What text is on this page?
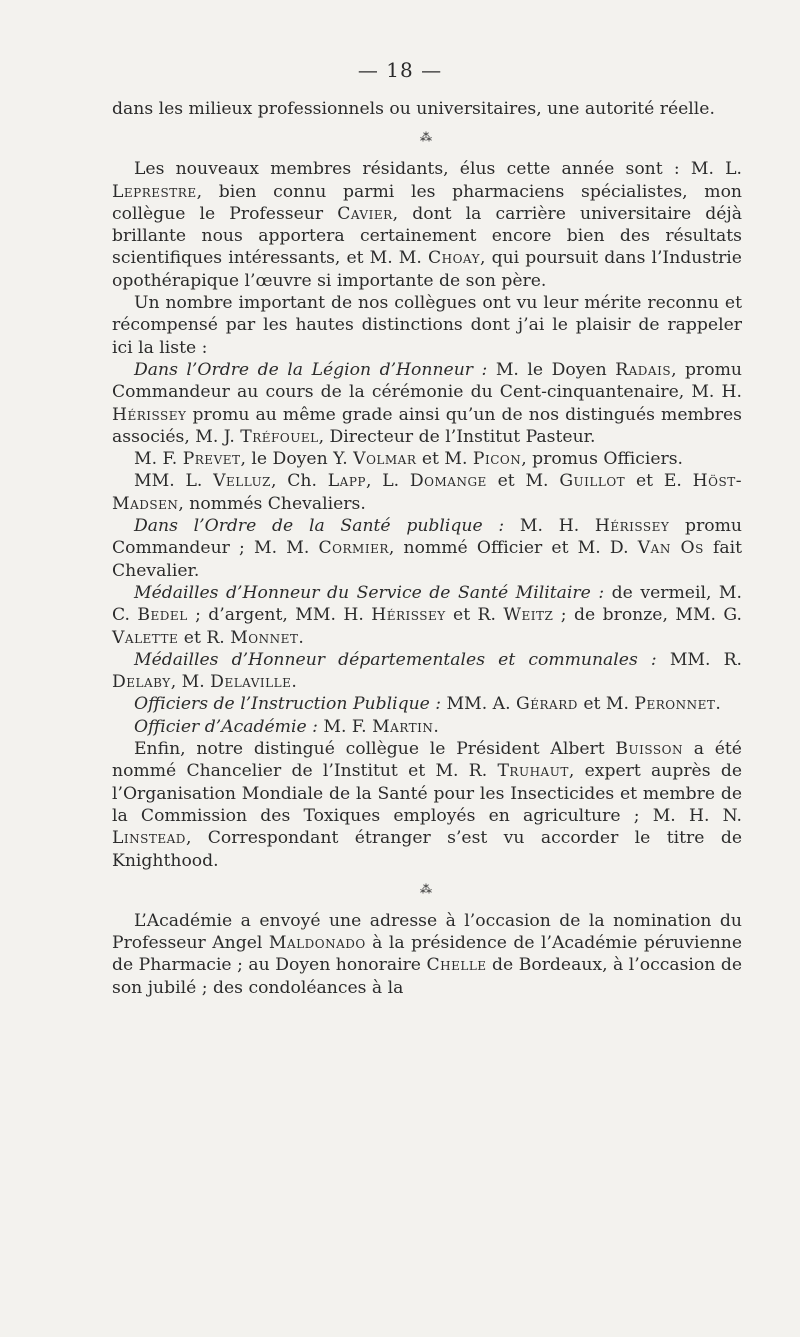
— 18 —

dans les milieux professionnels ou universitaires, une autorité réelle.

⁂

Les nouveaux membres résidants, élus cette année sont : M. L. Leprestre, bien connu parmi les pharmaciens spécialistes, mon collègue le Professeur Cavier, dont la carrière universitaire déjà brillante nous apportera certainement encore bien des résultats scientifiques intéressants, et M. M. Choay, qui poursuit dans l’Industrie opothérapique l’œuvre si importante de son père.

Un nombre important de nos collègues ont vu leur mérite reconnu et récompensé par les hautes distinctions dont j’ai le plaisir de rappeler ici la liste :

Dans l’Ordre de la Légion d’Honneur : M. le Doyen Radais, promu Commandeur au cours de la cérémonie du Cent-cinquantenaire, M. H. Hérissey promu au même grade ainsi qu’un de nos distingués membres associés, M. J. Tréfouel, Directeur de l’Institut Pasteur.

M. F. Prevet, le Doyen Y. Volmar et M. Picon, promus Officiers.

MM. L. Velluz, Ch. Lapp, L. Domange et M. Guillot et E. Höst-Madsen, nommés Chevaliers.

Dans l’Ordre de la Santé publique : M. H. Hérissey promu Commandeur ; M. M. Cormier, nommé Officier et M. D. Van Os fait Chevalier.

Médailles d’Honneur du Service de Santé Militaire : de vermeil, M. C. Bedel ; d’argent, MM. H. Hérissey et R. Weitz ; de bronze, MM. G. Valette et R. Monnet.

Médailles d’Honneur départementales et communales : MM. R. Delaby, M. Delaville.

Officiers de l’Instruction Publique : MM. A. Gérard et M. Peronnet.

Officier d’Académie : M. F. Martin.

Enfin, notre distingué collègue le Président Albert Buisson a été nommé Chancelier de l’Institut et M. R. Truhaut, expert auprès de l’Organisation Mondiale de la Santé pour les Insecticides et membre de la Commission des Toxiques employés en agriculture ; M. H. N. Linstead, Correspondant étranger s’est vu accorder le titre de Knighthood.

⁂

L’Académie a envoyé une adresse à l’occasion de la nomination du Professeur Angel Maldonado à la présidence de l’Académie péruvienne de Pharmacie ; au Doyen honoraire Chelle de Bordeaux, à l’occasion de son jubilé ; des condoléances à la
